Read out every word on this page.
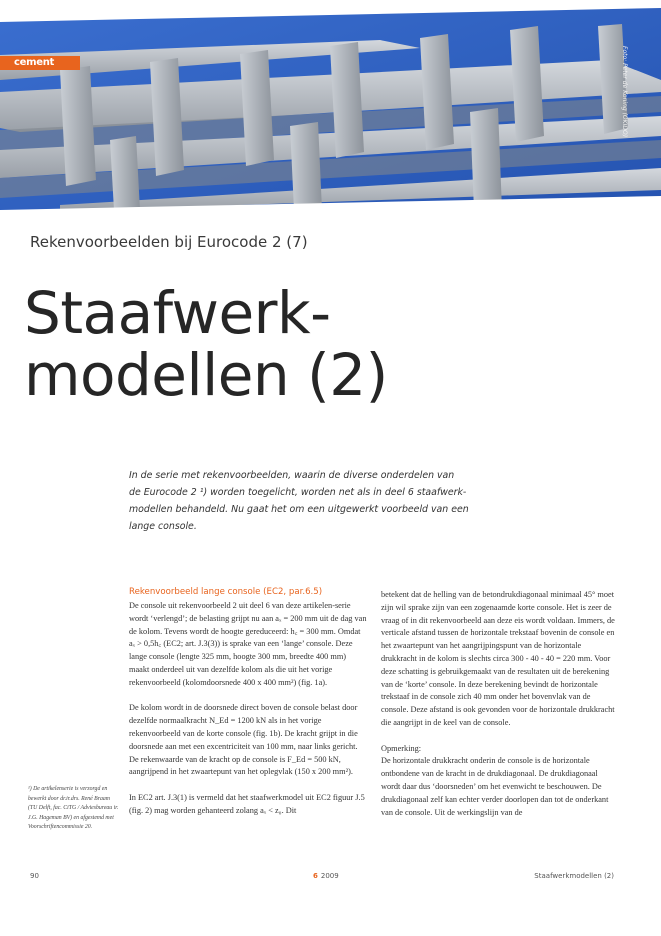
cement	Foto: Peter de Koning (OKIDO)
Rekenvoorbeelden bij Eurocode 2 (7)
Staafwerk-
modellen (2)

In de serie met rekenvoorbeelden, waarin de diverse onderdelen van

de Eurocode 2 ¹) worden toegelicht, worden net als in deel 6 staafwerk-

modellen behandeld. Nu gaat het om een uitgewerkt voorbeeld van een

lange console.

Rekenvoorbeeld lange console (EC2, par.6.5)

De console uit rekenvoorbeeld 2 uit deel 6 van deze artikelen-serie wordt ‘verlengd’; de belasting grijpt nu aan aₓ = 200 mm uit de dag van de kolom. Tevens wordt de hoogte gereduceerd: h꜀ = 300 mm. Omdat aₓ > 0,5h꜀ (EC2; art. J.3(3)) is sprake van een ‘lange’ console. Deze lange console (lengte 325 mm, hoogte 300 mm, breedte 400 mm) maakt onderdeel uit van dezelfde kolom als die uit het vorige rekenvoorbeeld (kolomdoorsnede 400 x 400 mm²) (fig. 1a).

De kolom wordt in de doorsnede direct boven de console belast door dezelfde normaalkracht N_Ed = 1200 kN als in het vorige rekenvoorbeeld van de korte console (fig. 1b). De kracht grijpt in die doorsnede aan met een excentriciteit van 100 mm, naar links gericht. De rekenwaarde van de kracht op de console is F_Ed = 500 kN, aangrijpend in het zwaartepunt van het oplegvlak (150 x 200 mm²).

In EC2 art. J.3(1) is vermeld dat het staafwerkmodel uit EC2 figuur J.5 (fig. 2) mag worden gehanteerd zolang aₓ < z₀. Dit

betekent dat de helling van de betondrukdiagonaal minimaal 45° moet zijn wil sprake zijn van een zogenaamde korte console. Het is zeer de vraag of in dit rekenvoorbeeld aan deze eis wordt voldaan. Immers, de verticale afstand tussen de horizontale trekstaaf bovenin de console en het zwaartepunt van het aangrijpingspunt van de horizontale drukkracht in de kolom is slechts circa 300 - 40 - 40 = 220 mm. Voor deze schatting is gebruikgemaakt van de resultaten uit de berekening van de ‘korte’ console. In deze berekening bevindt de horizontale trekstaaf in de console zich 40 mm onder het bovenvlak van de console. Deze afstand is ook gevonden voor de horizontale drukkracht die aangrijpt in de keel van de console.

Opmerking:
De horizontale drukkracht onderin de console is de horizontale ontbondene van de kracht in de drukdiagonaal. De drukdiagonaal wordt daar dus ‘doorsneden’ om het evenwicht te beschouwen. De drukdiagonaal zelf kan echter verder doorlopen dan tot de onderkant van de console. Uit de werkingslijn van de

¹) De artikelenserie is verzorgd en bewerkt door dr.ir.drs. René Braam (TU Delft, fac. CiTG / Adviesbureau ir. J.G. Hageman BV) en afgestemd met Voorschriftencommissie 20.
90	6 2009	Staafwerkmodellen (2)
